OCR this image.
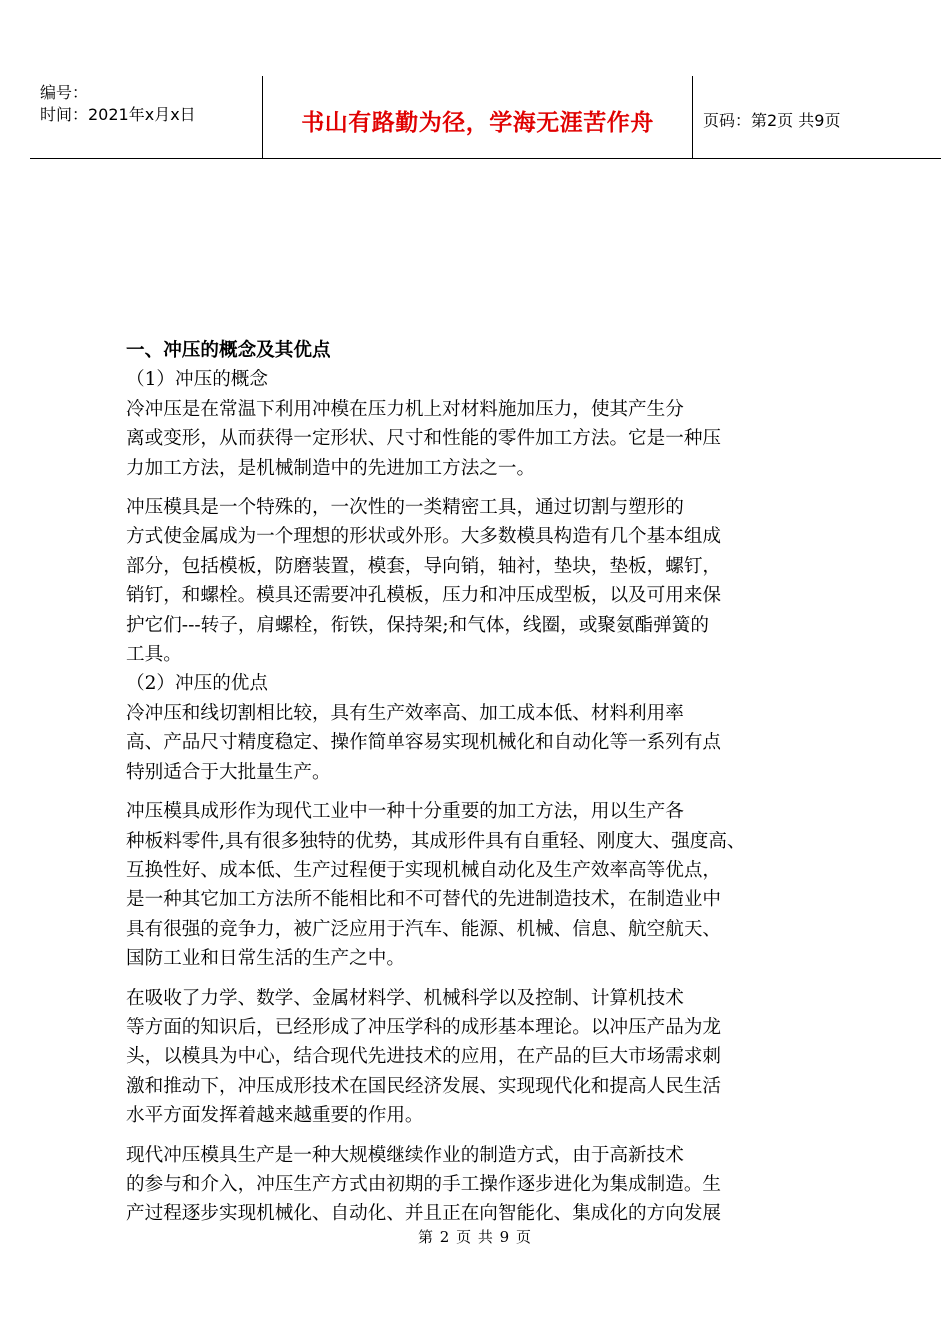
编号：
时间：2021年x月x日	书山有路勤为径，学海无涯苦作舟	页码：第2页 共9页

一、冲压的概念及其优点

（1）冲压的概念

冷冲压是在常温下利用冲模在压力机上对材料施加压力，使其产生分

离或变形，从而获得一定形状、尺寸和性能的零件加工方法。它是一种压

力加工方法，是机械制造中的先进加工方法之一。

冲压模具是一个特殊的，一次性的一类精密工具，通过切割与塑形的

方式使金属成为一个理想的形状或外形。大多数模具构造有几个基本组成

部分，包括模板，防磨装置，模套，导向销，轴衬，垫块，垫板，螺钉，

销钉，和螺栓。模具还需要冲孔模板，压力和冲压成型板，以及可用来保

护它们---转子，肩螺栓，衔铁，保持架;和气体，线圈，或聚氨酯弹簧的

工具。

（2）冲压的优点

冷冲压和线切割相比较，具有生产效率高、加工成本低、材料利用率

高、产品尺寸精度稳定、操作简单容易实现机械化和自动化等一系列有点

特别适合于大批量生产。

冲压模具成形作为现代工业中一种十分重要的加工方法，用以生产各

种板料零件,具有很多独特的优势，其成形件具有自重轻、刚度大、强度高、

互换性好、成本低、生产过程便于实现机械自动化及生产效率高等优点，

是一种其它加工方法所不能相比和不可替代的先进制造技术，在制造业中

具有很强的竞争力，被广泛应用于汽车、能源、机械、信息、航空航天、

国防工业和日常生活的生产之中。

在吸收了力学、数学、金属材料学、机械科学以及控制、计算机技术

等方面的知识后，已经形成了冲压学科的成形基本理论。以冲压产品为龙

头，以模具为中心，结合现代先进技术的应用，在产品的巨大市场需求刺

激和推动下，冲压成形技术在国民经济发展、实现现代化和提高人民生活

水平方面发挥着越来越重要的作用。

现代冲压模具生产是一种大规模继续作业的制造方式，由于高新技术

的参与和介入，冲压生产方式由初期的手工操作逐步进化为集成制造。生

产过程逐步实现机械化、自动化、并且正在向智能化、集成化的方向发展

第 2 页 共 9 页
